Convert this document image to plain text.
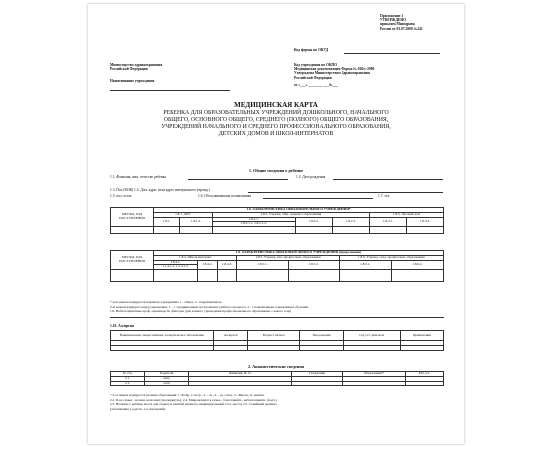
Приложение 1
УТВЕРЖДЕНО
приказом Минздрава
России от 03.07.2000 №241
Код формы по ОКУД
Министерство здравоохранения
Российской Федерации
Наименование учреждения
Код учреждения по ОКПО
Медицинская документация Форма № 026/у-2000
Утверждена Министерством Здравоохранения
Российской Федерации
от «___» ________ ___№___
МЕДИЦИНСКАЯ КАРТА
РЕБЕНКА ДЛЯ ОБРАЗОВАТЕЛЬНЫХ УЧРЕЖДЕНИЙ ДОШКОЛЬНОГО, НАЧАЛЬНОГО
ОБЩЕГО, ОСНОВНОГО ОБЩЕГО, СРЕДНЕГО (ПОЛНОГО) ОБЩЕГО ОБРАЗОВАНИЯ,
УЧРЕЖДЕНИЙ НАЧАЛЬНОГО И СРЕДНЕГО ПРОФЕССИОНАЛЬНОГО ОБРАЗОВАНИЯ,
ДЕТСКИХ ДОМОВ И ШКОЛ-ИНТЕРНАТОВ
1. Общие сведения о ребенке
1.1. Фамилия, имя, отчество ребенка	1.2. Дата рождения
1.3. Пол (М/Ж) 1.4. Дом. адрес (или адрес интернатного учрежд.)
1.5. пол. астат.	1.6. Обслуживающая поликлиника	1.7. тел.
МЕСЯЦ, ГОД ПОСТУПЛЕНИЯ	1.8. ХАРАКТЕРИСТИКА ОБРАЗОВАТЕЛЬНОГО УЧРЕЖДЕНИЯ*						
	1.8.1. ДОУ		1.8.2. Учрежд. общ. среднего образования			1.8.3. Детский дом	
	1.8.1.	1.8.1.2.	1.8.2.1.	1.8.2.2.	1.8.2.3.	1.8.3.1.	1.8.3.2.
			1.8.2.1.1. 1.8.2.1.2.				

МЕСЯЦ, ГОД ПОСТУПЛЕНИЯ	1.8. ХАРАКТЕРИСТИКА ОБРАЗОВАТЕЛЬНОГО УЧРЕЖДЕНИЯ (продолжение)						
	1.8.4. Школа-интернат			1.8.5. Учрежд. нач. профессион. образования		1.8.6. Учрежд. сред. профессион. образования	
	1.8.4.1.	1.8.4.2.	1.8.4.3.	1.8.5.1.	1.8.5.2.	1.8.6.1.	1.8.6.2.
	1.1.4.1.1. 1.1.4.1.2.						

*-4-м знаком кодируется параметр учреждения: 1 - общее, 2 - коррекционное.
5-м знаком кодируется вид учреждения: 1. - с традиционным построением учебного процесса, 2 - с повышенным содержанием обучения.
1.9. Неблагоприятные проф.-производств. факторы (для данного учреждения профессионального образования, с какого года)
1.10. Аллергия
Вакцинальная, лекарственная, аллергическое заболевание	Аллерген	Возраст начала	Тип реакции	Год уст. диагноза	Примечания

2. Анамнестические сведения
№ стр.	Родители	Фамилия, И. О.	Гражданин	Образование*	Раб./уч.
2.1.	мать				
2.1.	отец				
* 3-м знаком кодируется уровень образования: 1. Фобр. 2. неср., 3. - ср., 4. - ср.-спец., 5. -Высш., 6. -вышш.
2.2. Я-ка семьи - полная, неполная (подчеркнуть); 2.4. Микроклимат в семье - благоприятн., неблагоприятн. (подч.)
2.3. Наличие у ребенка места для отдыха и занятий (комната, индивидуальный стол, место) 2.5. Семейный анамнез
(заболевания у родств. 1-2 поколений)
